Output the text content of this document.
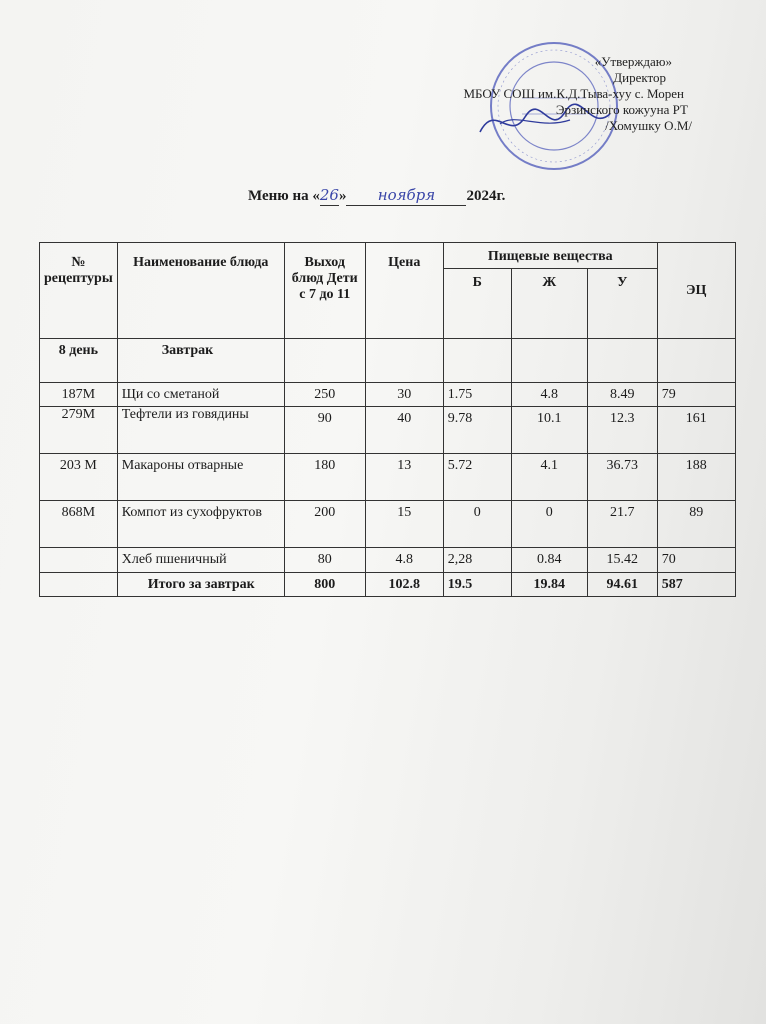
«Утверждаю»
Директор
МБОУ СОШ им.К.Д.Тыва-хуу с. Морен
Эрзинского кожууна РТ
/Хомушку О.М/
Меню на «26» ноября 2024г.
№ рецептуры	Наименование блюда	Выход блюд Дети с 7 до 11	Цена	Пищевые вещества			ЭЦ
				Б	Ж	У	
8 день	Завтрак						
187М	Щи со сметаной	250	30	1.75	4.8	8.49	79
279М	Тефтели из говядины	90	40	9.78	10.1	12.3	161
203 М	Макароны отварные	180	13	5.72	4.1	36.73	188
868М	Компот из сухофруктов	200	15	0	0	21.7	89
	Хлеб пшеничный	80	4.8	2,28	0.84	15.42	70
	Итого за завтрак	800	102.8	19.5	19.84	94.61	587
